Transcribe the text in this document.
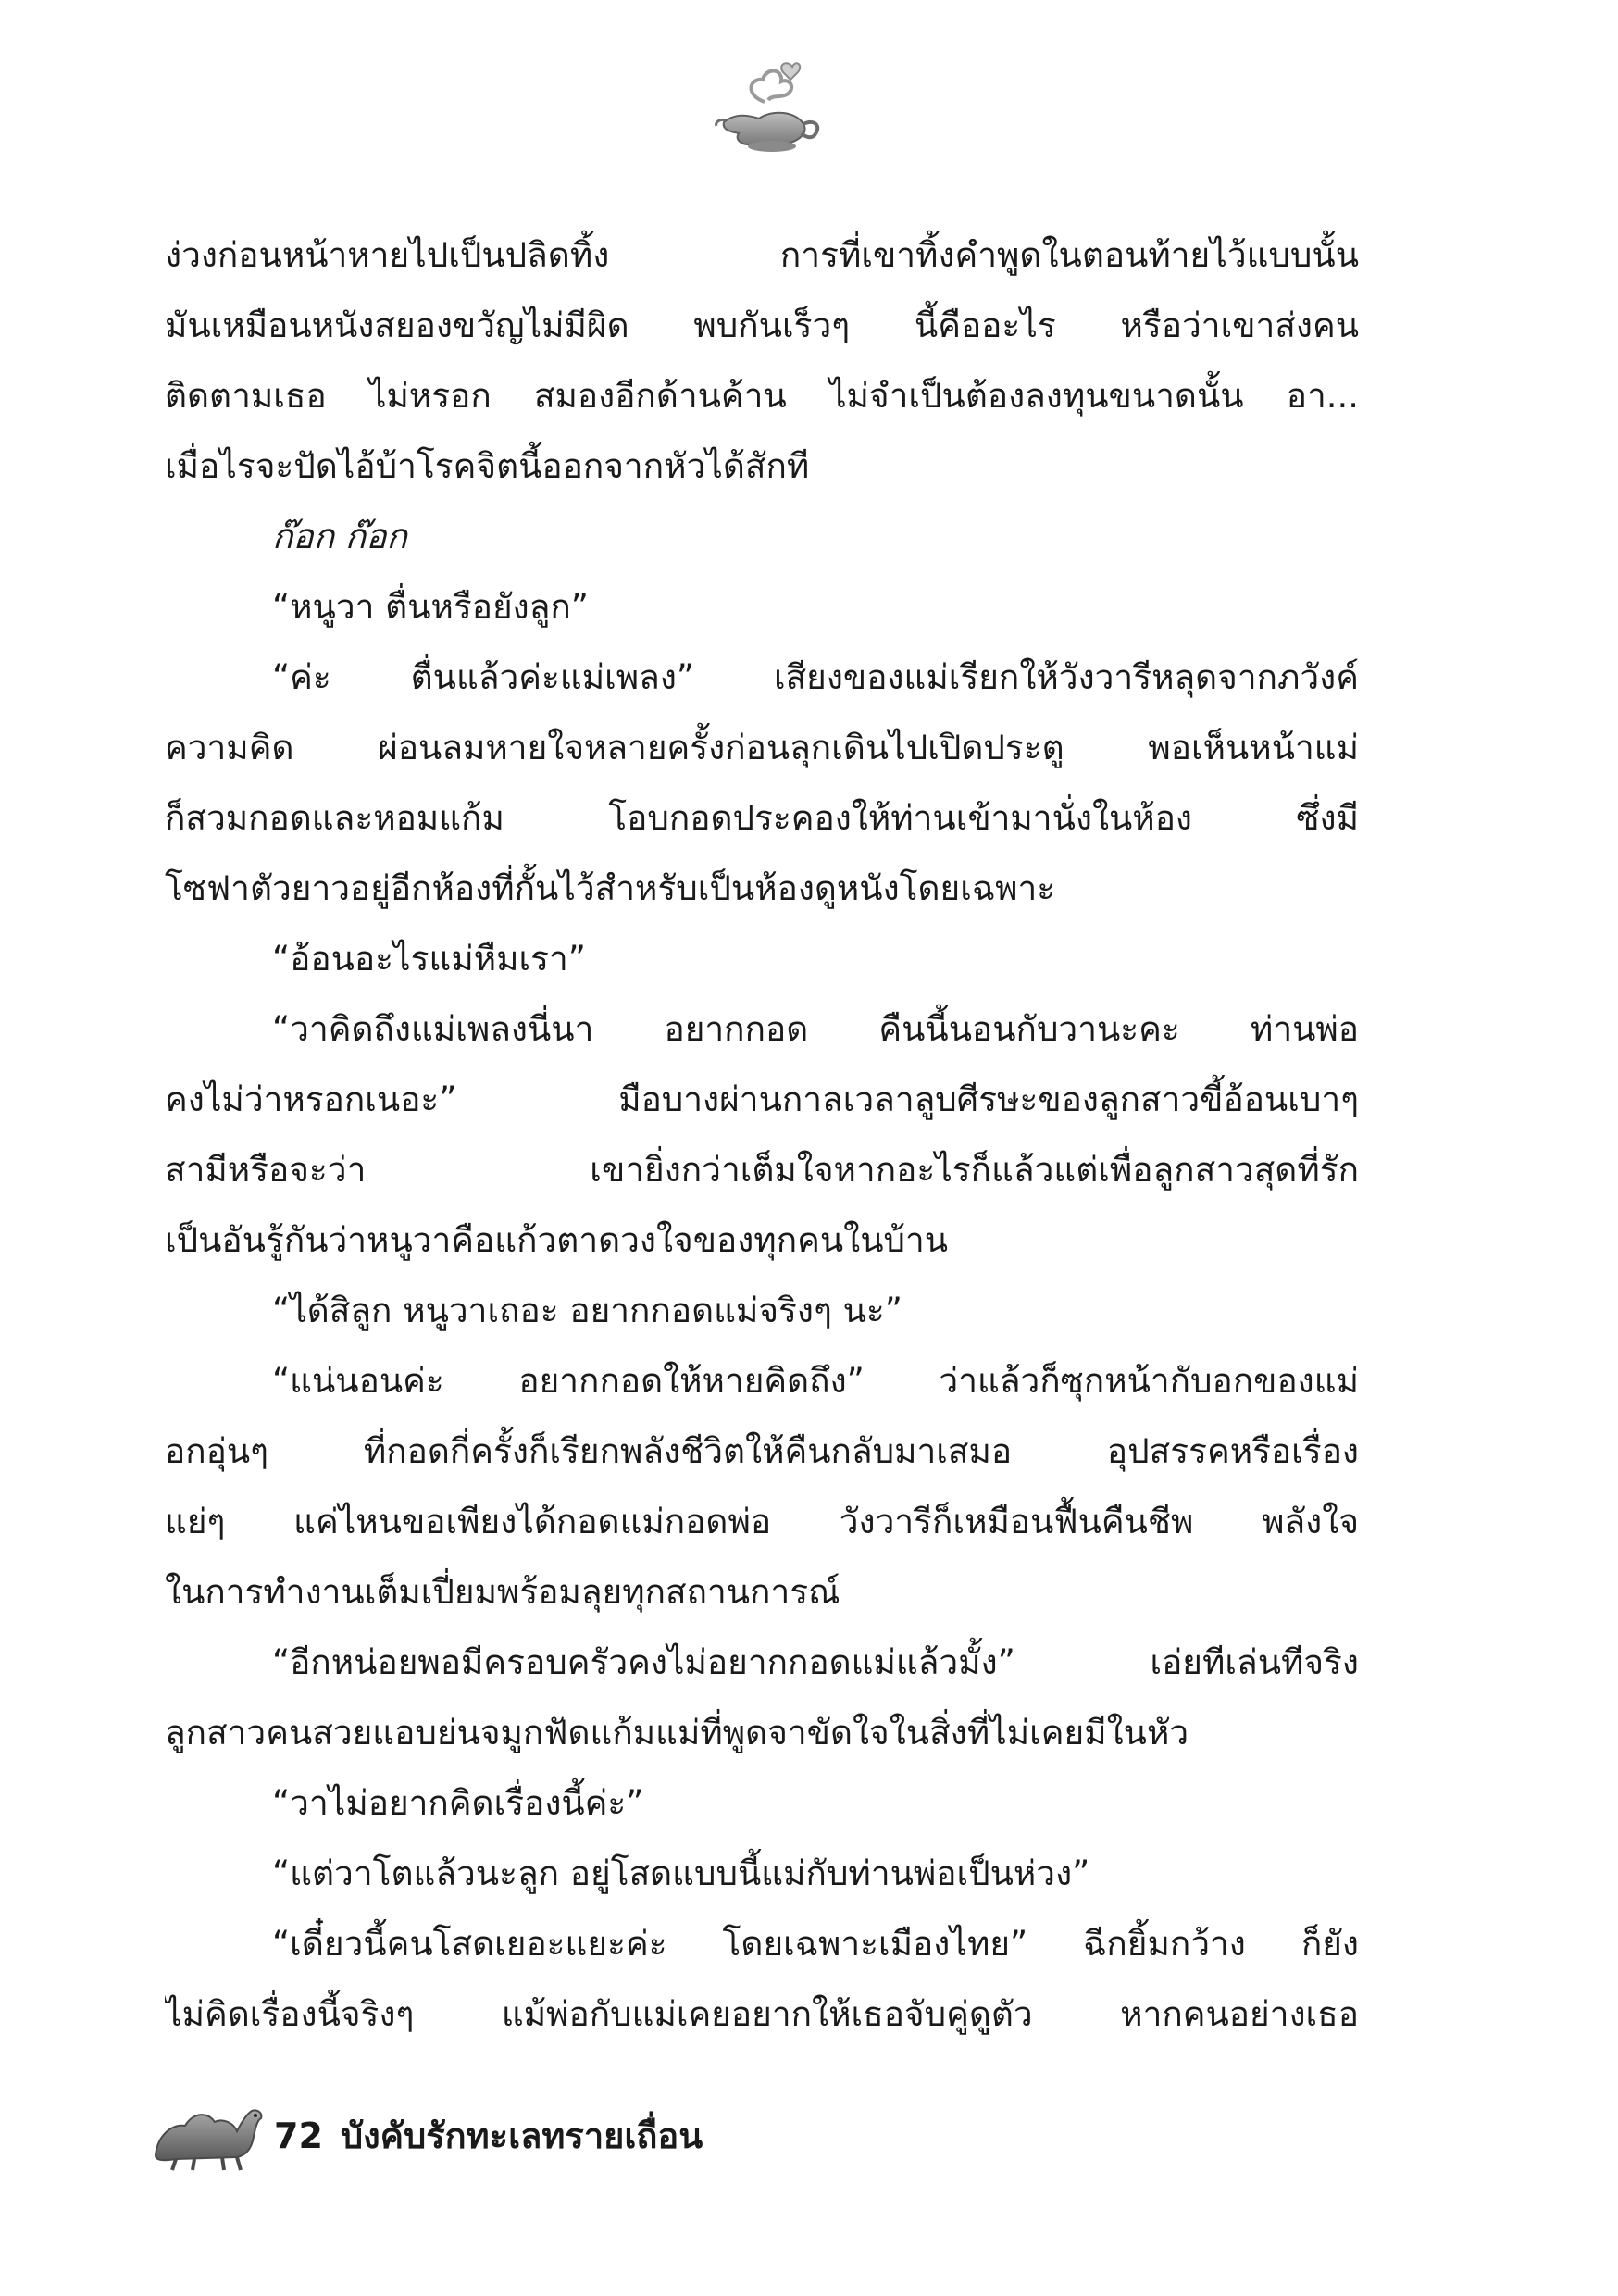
ง่วงก่อนหน้าหายไปเป็นปลิดทิ้ง การที่เขาทิ้งคำพูดในตอนท้ายไว้แบบนั้น
มันเหมือนหนังสยองขวัญไม่มีผิด พบกันเร็วๆ นี้คืออะไร หรือว่าเขาส่งคน
ติดตามเธอ ไม่หรอก สมองอีกด้านค้าน ไม่จำเป็นต้องลงทุนขนาดนั้น อา...
เมื่อไรจะปัดไอ้บ้าโรคจิตนี้ออกจากหัวได้สักที
ก๊อก ก๊อก
“หนูวา ตื่นหรือยังลูก”
“ค่ะ ตื่นแล้วค่ะแม่เพลง” เสียงของแม่เรียกให้วังวารีหลุดจากภวังค์
ความคิด ผ่อนลมหายใจหลายครั้งก่อนลุกเดินไปเปิดประตู พอเห็นหน้าแม่
ก็สวมกอดและหอมแก้ม โอบกอดประคองให้ท่านเข้ามานั่งในห้อง ซึ่งมี
โซฟาตัวยาวอยู่อีกห้องที่กั้นไว้สำหรับเป็นห้องดูหนังโดยเฉพาะ
“อ้อนอะไรแม่หืมเรา”
“วาคิดถึงแม่เพลงนี่นา อยากกอด คืนนี้นอนกับวานะคะ ท่านพ่อ
คงไม่ว่าหรอกเนอะ” มือบางผ่านกาลเวลาลูบศีรษะของลูกสาวขี้อ้อนเบาๆ
สามีหรือจะว่า เขายิ่งกว่าเต็มใจหากอะไรก็แล้วแต่เพื่อลูกสาวสุดที่รัก
เป็นอันรู้กันว่าหนูวาคือแก้วตาดวงใจของทุกคนในบ้าน
“ได้สิลูก หนูวาเถอะ อยากกอดแม่จริงๆ นะ”
“แน่นอนค่ะ อยากกอดให้หายคิดถึง” ว่าแล้วก็ซุกหน้ากับอกของแม่
อกอุ่นๆ ที่กอดกี่ครั้งก็เรียกพลังชีวิตให้คืนกลับมาเสมอ อุปสรรคหรือเรื่อง
แย่ๆ แค่ไหนขอเพียงได้กอดแม่กอดพ่อ วังวารีก็เหมือนฟื้นคืนชีพ พลังใจ
ในการทำงานเต็มเปี่ยมพร้อมลุยทุกสถานการณ์
“อีกหน่อยพอมีครอบครัวคงไม่อยากกอดแม่แล้วมั้ง” เอ่ยทีเล่นทีจริง
ลูกสาวคนสวยแอบย่นจมูกฟัดแก้มแม่ที่พูดจาขัดใจในสิ่งที่ไม่เคยมีในหัว
“วาไม่อยากคิดเรื่องนี้ค่ะ”
“แต่วาโตแล้วนะลูก อยู่โสดแบบนี้แม่กับท่านพ่อเป็นห่วง”
“เดี๋ยวนี้คนโสดเยอะแยะค่ะ โดยเฉพาะเมืองไทย” ฉีกยิ้มกว้าง ก็ยัง
ไม่คิดเรื่องนี้จริงๆ แม้พ่อกับแม่เคยอยากให้เธอจับคู่ดูตัว หากคนอย่างเธอ
72 บังคับรักทะเลทรายเถื่อน
